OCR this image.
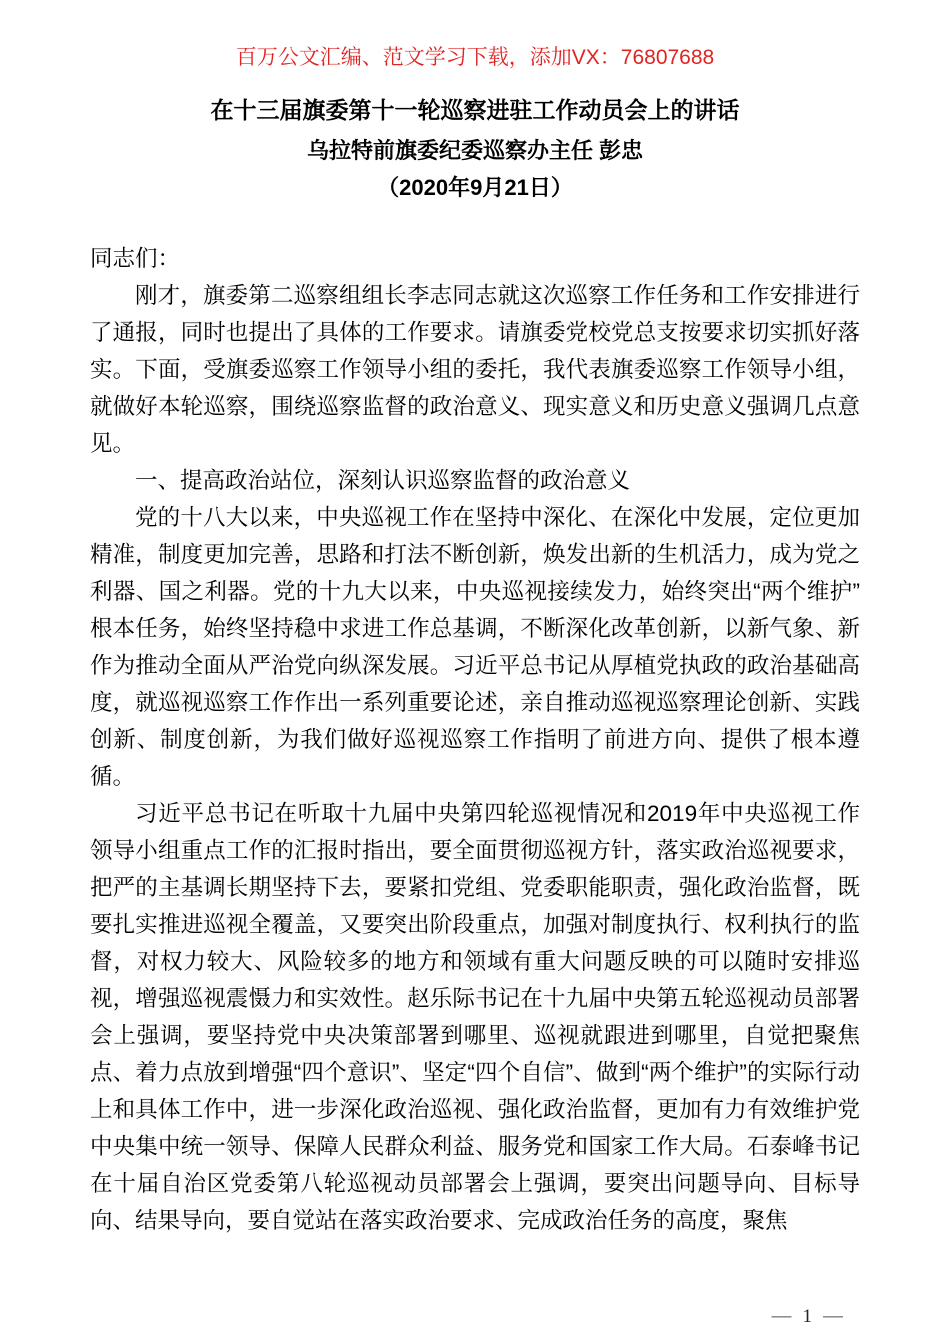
百万公文汇编、范文学习下载，添加VX：76807688
在十三届旗委第十一轮巡察进驻工作动员会上的讲话
乌拉特前旗委纪委巡察办主任 彭忠
（2020年9月21日）

同志们：

刚才，旗委第二巡察组组长李志同志就这次巡察工作任务和工作安排进行了通报，同时也提出了具体的工作要求。请旗委党校党总支按要求切实抓好落实。下面，受旗委巡察工作领导小组的委托，我代表旗委巡察工作领导小组，就做好本轮巡察，围绕巡察监督的政治意义、现实意义和历史意义强调几点意见。

一、提高政治站位，深刻认识巡察监督的政治意义

党的十八大以来，中央巡视工作在坚持中深化、在深化中发展，定位更加精准，制度更加完善，思路和打法不断创新，焕发出新的生机活力，成为党之利器、国之利器。党的十九大以来，中央巡视接续发力，始终突出“两个维护”根本任务，始终坚持稳中求进工作总基调，不断深化改革创新，以新气象、新作为推动全面从严治党向纵深发展。习近平总书记从厚植党执政的政治基础高度，就巡视巡察工作作出一系列重要论述，亲自推动巡视巡察理论创新、实践创新、制度创新，为我们做好巡视巡察工作指明了前进方向、提供了根本遵循。

习近平总书记在听取十九届中央第四轮巡视情况和2019年中央巡视工作领导小组重点工作的汇报时指出，要全面贯彻巡视方针，落实政治巡视要求，把严的主基调长期坚持下去，要紧扣党组、党委职能职责，强化政治监督，既要扎实推进巡视全覆盖，又要突出阶段重点，加强对制度执行、权利执行的监督，对权力较大、风险较多的地方和领域有重大问题反映的可以随时安排巡视，增强巡视震慑力和实效性。赵乐际书记在十九届中央第五轮巡视动员部署会上强调，要坚持党中央决策部署到哪里、巡视就跟进到哪里，自觉把聚焦点、着力点放到增强“四个意识”、坚定“四个自信”、做到“两个维护”的实际行动上和具体工作中，进一步深化政治巡视、强化政治监督，更加有力有效维护党中央集中统一领导、保障人民群众利益、服务党和国家工作大局。石泰峰书记在十届自治区党委第八轮巡视动员部署会上强调，要突出问题导向、目标导向、结果导向，要自觉站在落实政治要求、完成政治任务的高度，聚焦

— 1 —
